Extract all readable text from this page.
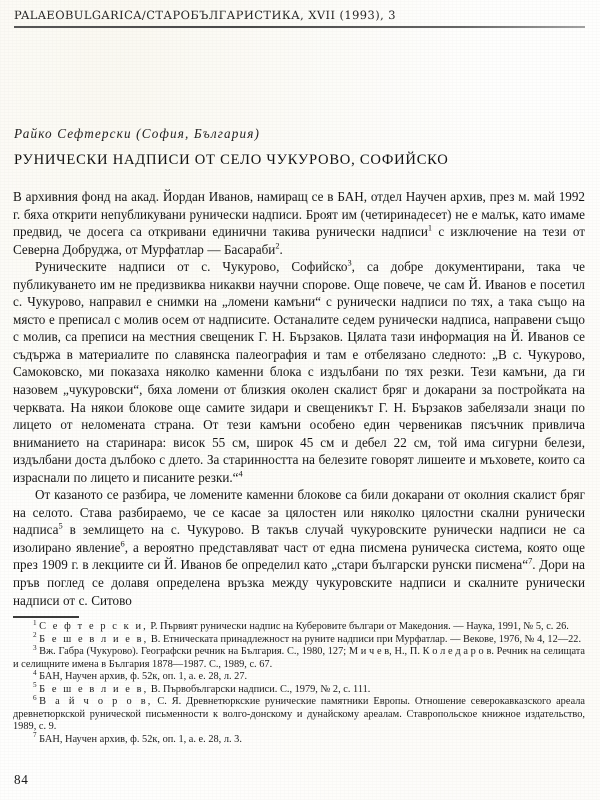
PALAEOBULGARICA/СТАРОБЪЛГАРИСТИКА, XVII (1993), 3
Райко Сефтерски (София, България)
РУНИЧЕСКИ НАДПИСИ ОТ СЕЛО ЧУКУРОВО, СОФИЙСКО

В архивния фонд на акад. Йордан Иванов, намиращ се в БАН, отдел Научен архив, през м. май 1992 г. бяха открити непубликувани рунически надписи. Броят им (четиринадесет) не е малък, като имаме предвид, че досега са откривани единични такива рунически надписи$^1$ с изключение на тези от Северна Добруджа, от Мурфатлар — Басараби$^2$.

Руническите надписи от с. Чукурово, Софийско$^3$, са добре документирани, така че публикуването им не предизвиква никакви научни спорове. Още повече, че сам Й. Иванов е посетил с. Чукурово, направил е снимки на „ломени камъни“ с рунически надписи по тях, а така също на място е преписал с молив осем от надписите. Останалите седем рунически надписа, направени също с молив, са преписи на местния свещеник Г. Н. Бързаков. Цялата тази информация на Й. Иванов се съдържа в материалите по славянска палеография и там е отбелязано следното: „В с. Чукурово, Самоковско, ми показаха няколко каменни блока с издълбани по тях резки. Тези камъни, да ги назовем „чукуровски“, бяха ломени от близкия околен скалист бряг и докарани за постройката на черквата. На някои блокове още самите зидари и свещеникът Г. Н. Бързаков забелязали знаци по лицето от неломената страна. От тези камъни особено един червеникав пясъчник привлича вниманието на старинара: висок 55 см, широк 45 см и дебел 22 см, той има сигурни белези, издълбани доста дълбоко с длето. За старинността на белезите говорят лишеите и мъховете, които са израснали по лицето и писаните резки.“$^4$

От казаното се разбира, че ломените каменни блокове са били докарани от околния скалист бряг на селото. Става разбираемо, че се касае за цялостен или няколко цялостни скални рунически надписа$^5$ в землището на с. Чукурово. В такъв случай чукуровските рунически надписи не са изолирано явление$^6$, а вероятно представляват част от една писмена руническа система, която още през 1909 г. в лекциите си Й. Иванов бе определил като „стари български рунски писмена“$^7$. Дори на пръв поглед се долавя определена връзка между чукуровските надписи и скалните рунически надписи от с. Ситово

$^1$ С е ф т е р с к и, Р. Първият рунически надпис на Куберовите българи от Македония. — Наука, 1991, № 5, с. 26.

$^2$ Б е ш е в л и е в, В. Етническата принадлежност на руните надписи при Мурфатлар. — Векове, 1976, № 4, 12—22.

$^3$ Вж. Габра (Чукурово). Географски речник на България. С., 1980, 127; М и ч е в, Н., П. К о л е д а р о в. Речник на селищата и селищните имена в България 1878—1987. С., 1989, с. 67.

$^4$ БАН, Научен архив, ф. 52к, оп. 1, а. е. 28, л. 27.

$^5$ Б е ш е в л и е в, В. Първобългарски надписи. С., 1979, № 2, с. 111.

$^6$ В а й ч о р о в, С. Я. Древнетюркские рунические памятники Европы. Отношение северокавказского ареала древнетюркской рунической письменности к волго-донскому и дунайскому ареалам. Ставропольское книжное издательство, 1989, с. 9.

$^7$ БАН, Научен архив, ф. 52к, оп. 1, а. е. 28, л. 3.

84
